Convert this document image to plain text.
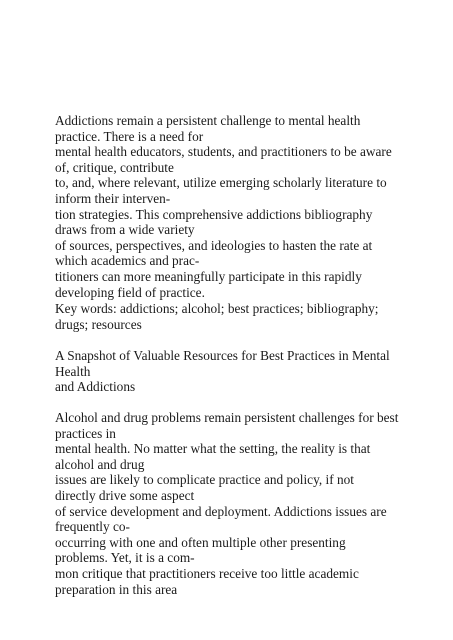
Addictions remain a persistent challenge to mental health
practice. There is a need for
mental health educators, students, and practitioners to be aware
of, critique, contribute
to, and, where relevant, utilize emerging scholarly literature to
inform their interven-
tion strategies. This comprehensive addictions bibliography
draws from a wide variety
of sources, perspectives, and ideologies to hasten the rate at
which academics and prac-
titioners can more meaningfully participate in this rapidly
developing field of practice.
Key words: addictions; alcohol; best practices; bibliography;
drugs; resources
A Snapshot of Valuable Resources for Best Practices in Mental
Health
and Addictions
Alcohol and drug problems remain persistent challenges for best
practices in
mental health. No matter what the setting, the reality is that
alcohol and drug
issues are likely to complicate practice and policy, if not
directly drive some aspect
of service development and deployment. Addictions issues are
frequently co-
occurring with one and often multiple other presenting
problems. Yet, it is a com-
mon critique that practitioners receive too little academic
preparation in this area
